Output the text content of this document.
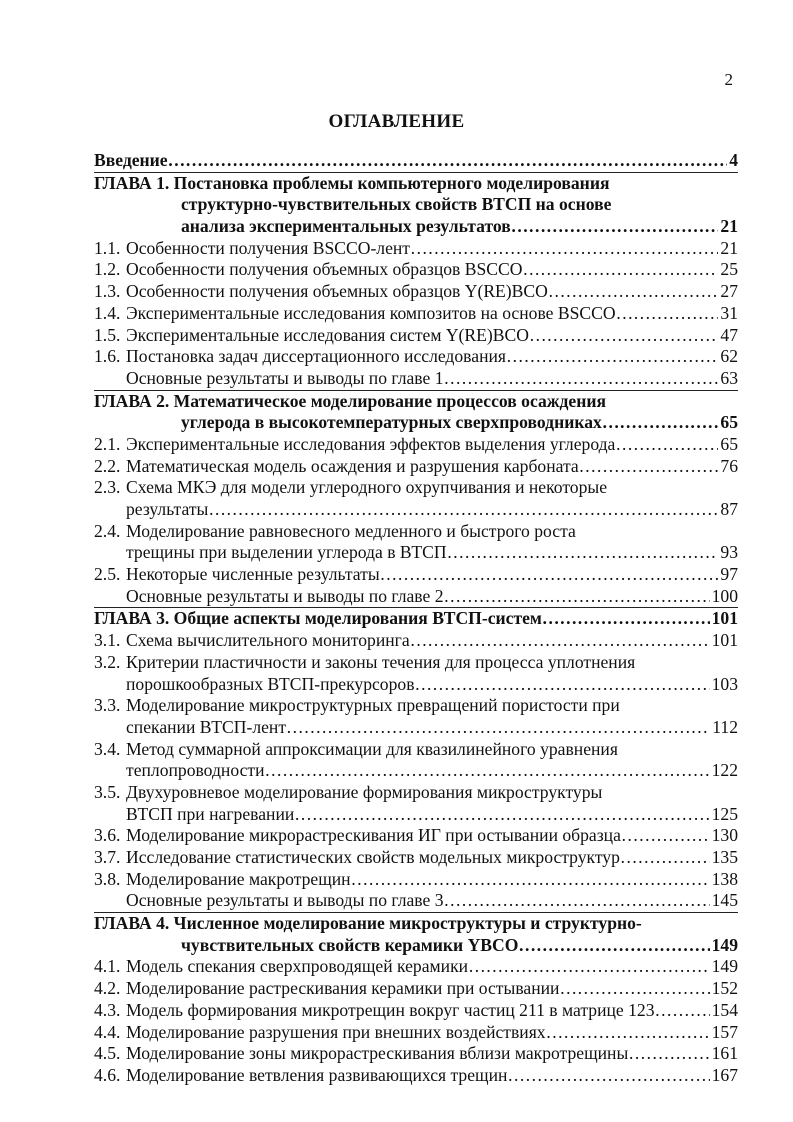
2
ОГЛАВЛЕНИЕ
Введение ……………………………………………………………………………………………………………………………………	4
ГЛАВА 1. Постановка проблемы компьютерного моделирования
структурно-чувствительных свойств ВТСП на основе
анализа экспериментальных результатов ……………………………………………………………………………………………………………………………………	21
1.1. Особенности получения BSCCO-лент ……………………………………………………………………………………………………………………………………	21
1.2. Особенности получения объемных образцов BSCCO ……………………………………………………………………………………………………………………………………	25
1.3. Особенности получения объемных образцов Y(RE)BCO ……………………………………………………………………………………………………………………………………	27
1.4. Экспериментальные исследования композитов на основе BSCCO ……………………………………………………………………………………………………………………………………	31
1.5. Экспериментальные исследования систем Y(RE)BCO ……………………………………………………………………………………………………………………………………	47
1.6. Постановка задач диссертационного исследования ……………………………………………………………………………………………………………………………………	62
Основные результаты и выводы по главе 1 ……………………………………………………………………………………………………………………………………	63
ГЛАВА 2. Математическое моделирование процессов осаждения
углерода в высокотемпературных сверхпроводниках ……………………………………………………………………………………………………………………………………	65
2.1. Экспериментальные исследования эффектов выделения углерода ……………………………………………………………………………………………………………………………………	65
2.2. Математическая модель осаждения и разрушения карбоната ……………………………………………………………………………………………………………………………………	76
2.3. Схема МКЭ для модели углеродного охрупчивания и некоторые
результаты ……………………………………………………………………………………………………………………………………	87
2.4. Моделирование равновесного медленного и быстрого роста
трещины при выделении углерода в ВТСП ……………………………………………………………………………………………………………………………………	93
2.5. Некоторые численные результаты ……………………………………………………………………………………………………………………………………	97
Основные результаты и выводы по главе 2 ……………………………………………………………………………………………………………………………………	100
ГЛАВА 3. Общие аспекты моделирования ВТСП-систем ……………………………………………………………………………………………………………………………………	101
3.1. Схема вычислительного мониторинга ……………………………………………………………………………………………………………………………………	101
3.2. Критерии пластичности и законы течения для процесса уплотнения
порошкообразных ВТСП-прекурсоров ……………………………………………………………………………………………………………………………………	103
3.3. Моделирование микроструктурных превращений пористости при
спекании ВТСП-лент ……………………………………………………………………………………………………………………………………	112
3.4. Метод суммарной аппроксимации для квазилинейного уравнения
теплопроводности ……………………………………………………………………………………………………………………………………	122
3.5. Двухуровневое моделирование формирования микроструктуры
ВТСП при нагревании ……………………………………………………………………………………………………………………………………	125
3.6. Моделирование микрорастрескивания ИГ при остывании образца ……………………………………………………………………………………………………………………………………	130
3.7. Исследование статистических свойств модельных микроструктур ……………………………………………………………………………………………………………………………………	135
3.8. Моделирование макротрещин ……………………………………………………………………………………………………………………………………	138
Основные результаты и выводы по главе 3 ……………………………………………………………………………………………………………………………………	145
ГЛАВА 4. Численное моделирование микроструктуры и структурно-
чувствительных свойств керамики YBCO ……………………………………………………………………………………………………………………………………	149
4.1. Модель спекания сверхпроводящей керамики ……………………………………………………………………………………………………………………………………	149
4.2. Моделирование растрескивания керамики при остывании ……………………………………………………………………………………………………………………………………	152
4.3. Модель формирования микротрещин вокруг частиц 211 в матрице 123 ……………………………………………………………………………………………………………………………………	154
4.4. Моделирование разрушения при внешних воздействиях ……………………………………………………………………………………………………………………………………	157
4.5. Моделирование зоны микрорастрескивания вблизи макротрещины ……………………………………………………………………………………………………………………………………	161
4.6. Моделирование ветвления развивающихся трещин ……………………………………………………………………………………………………………………………………	167
